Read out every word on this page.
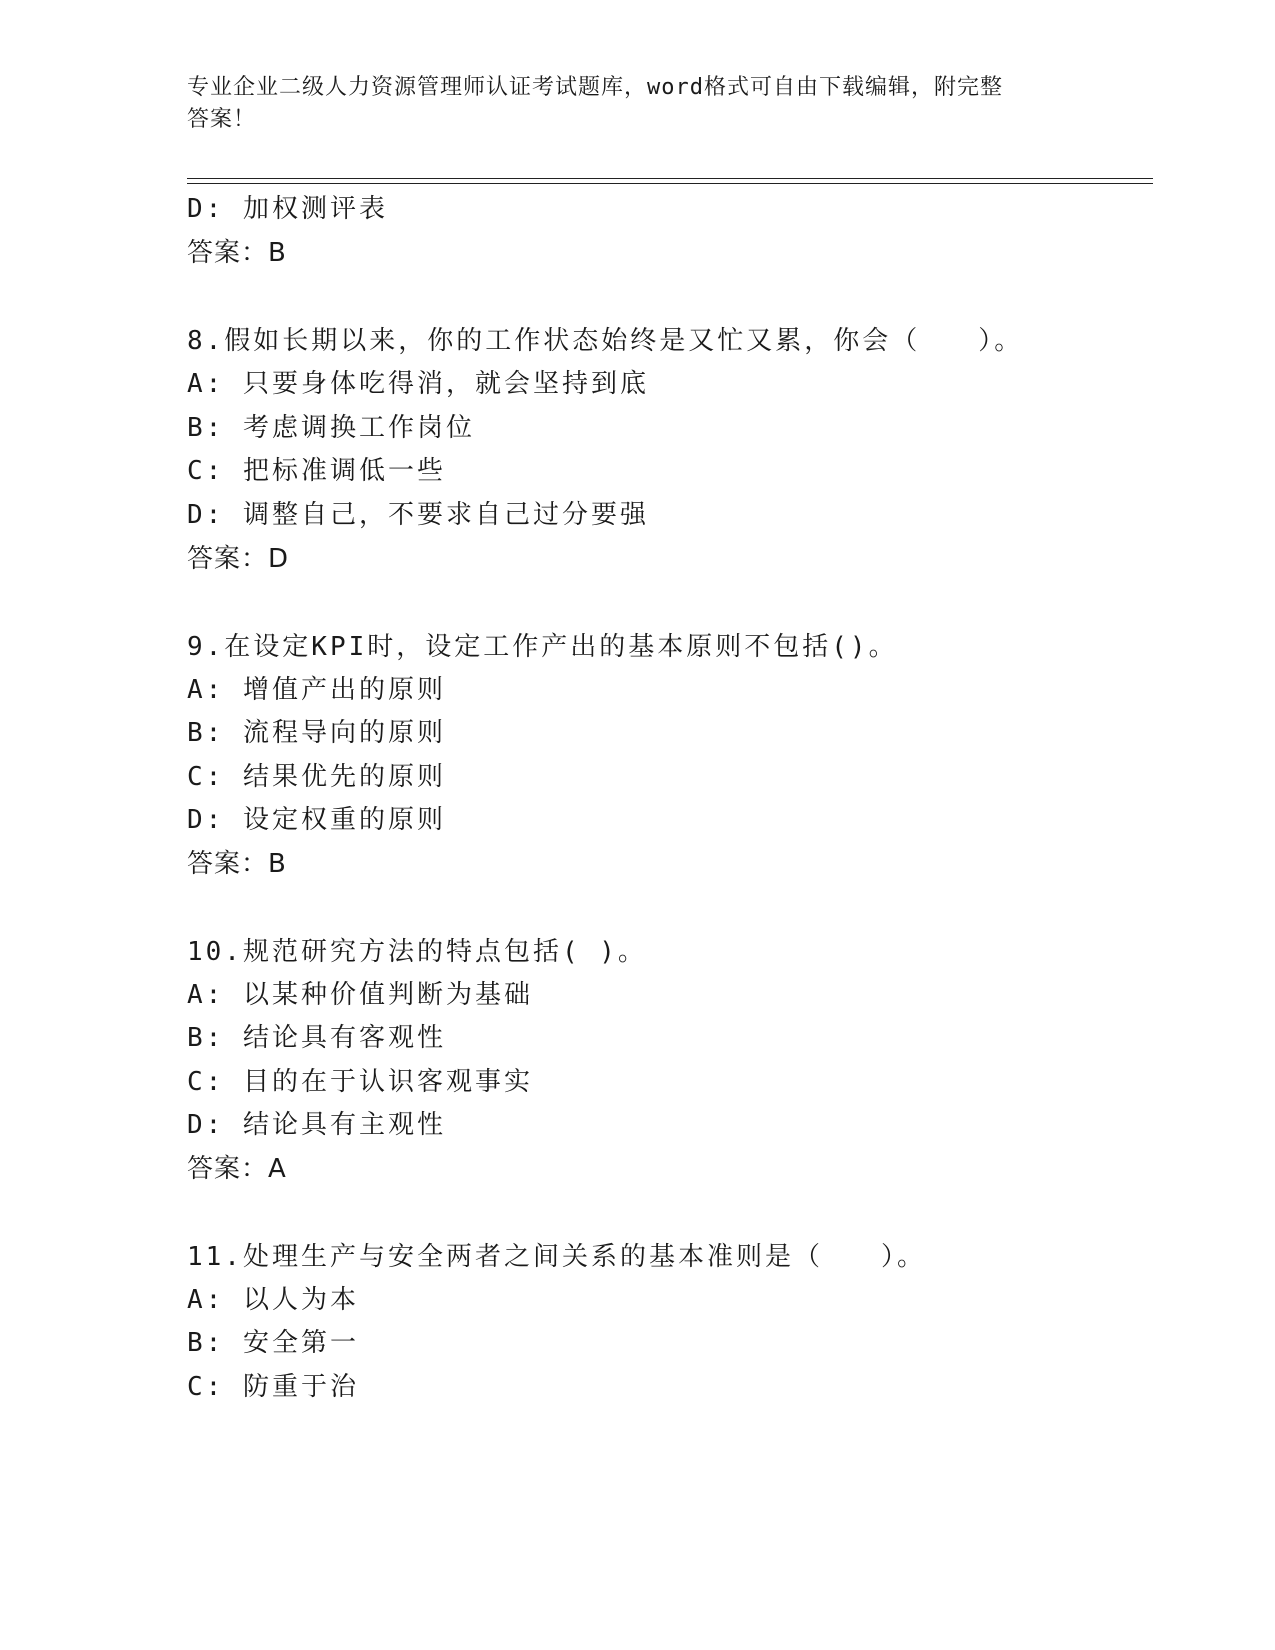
专业企业二级人力资源管理师认证考试题库，word格式可自由下载编辑，附完整
答案！
D: 加权测评表
答案：B
8.假如长期以来，你的工作状态始终是又忙又累，你会（　　）。
A: 只要身体吃得消，就会坚持到底
B: 考虑调换工作岗位
C: 把标准调低一些
D: 调整自己，不要求自己过分要强
答案：D
9.在设定KPI时，设定工作产出的基本原则不包括()。
A: 增值产出的原则
B: 流程导向的原则
C: 结果优先的原则
D: 设定权重的原则
答案：B
10.规范研究方法的特点包括( )。
A: 以某种价值判断为基础
B: 结论具有客观性
C: 目的在于认识客观事实
D: 结论具有主观性
答案：A
11.处理生产与安全两者之间关系的基本准则是（　　）。
A: 以人为本
B: 安全第一
C: 防重于治
